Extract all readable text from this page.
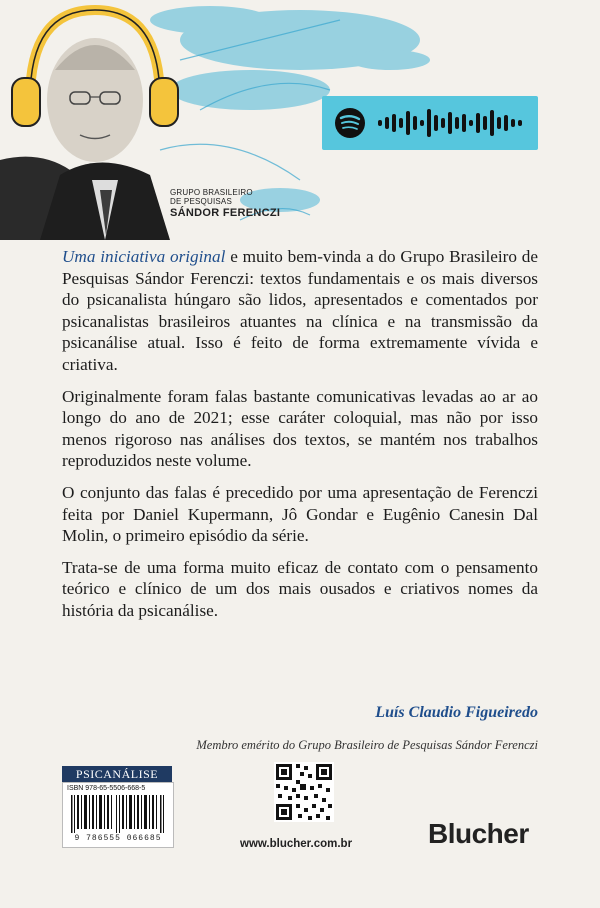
GRUPO BRASILEIRO
DE PESQUISAS
SÁNDOR FERENCZI

Uma iniciativa original e muito bem-vinda a do Grupo Brasileiro de Pesquisas Sándor Ferenczi: textos fundamentais e os mais diversos do psicanalista húngaro são lidos, apresentados e comentados por psicanalistas brasileiros atuantes na clínica e na transmissão da psicanálise atual. Isso é feito de forma extremamente vívida e criativa.

Originalmente foram falas bastante comunicativas levadas ao ar ao longo do ano de 2021; esse caráter coloquial, mas não por isso menos rigoroso nas análises dos textos, se mantém nos trabalhos reproduzidos neste volume.

O conjunto das falas é precedido por uma apresentação de Ferenczi feita por Daniel Kupermann, Jô Gondar e Eugênio Canesin Dal Molin, o primeiro episódio da série.

Trata-se de uma forma muito eficaz de contato com o pensamento teórico e clínico de um dos mais ousados e criativos nomes da história da psicanálise.

Luís Claudio Figueiredo
Membro emérito do Grupo Brasileiro de Pesquisas Sándor Ferenczi
PSICANÁLISE
ISBN 978-65-5506-668-5
9 786555 066685	www.blucher.com.br	Blucher
